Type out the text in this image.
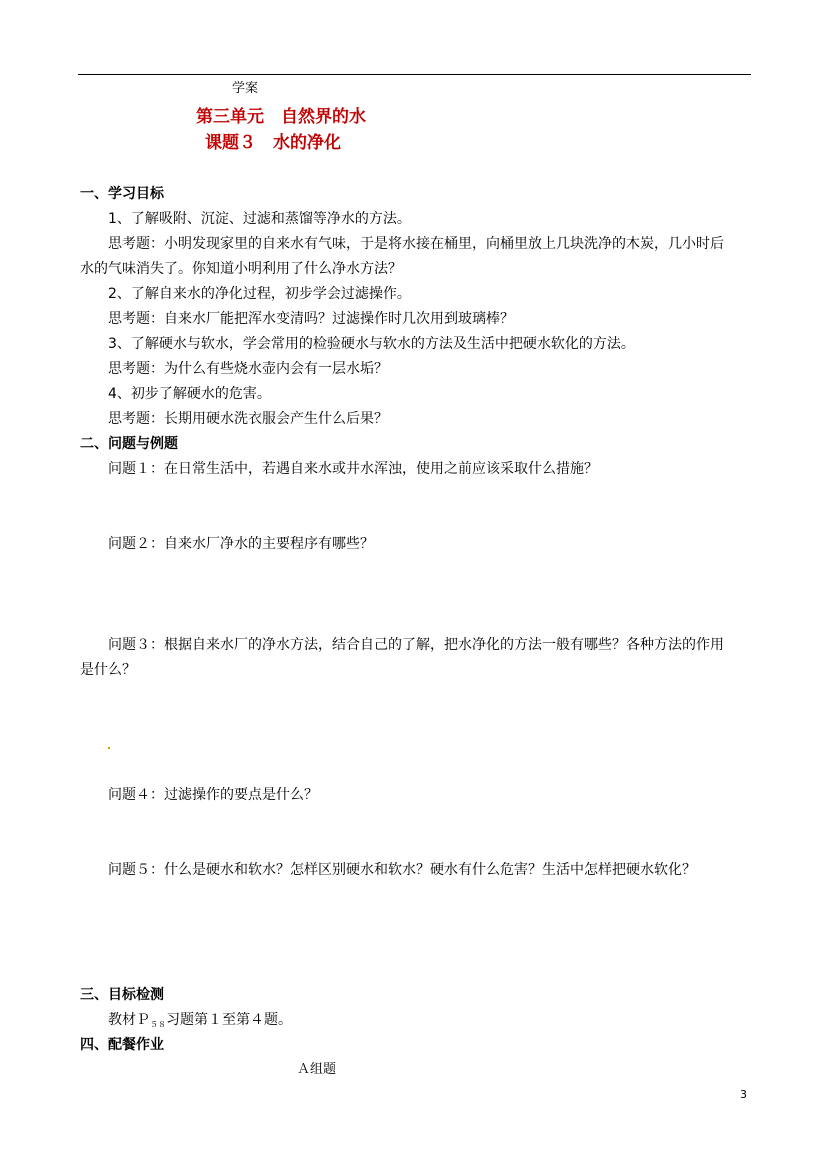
学案
第三单元　自然界的水
课题３　水的净化
一、学习目标
1、了解吸附、沉淀、过滤和蒸馏等净水的方法。
思考题：小明发现家里的自来水有气味，于是将水接在桶里，向桶里放上几块洗净的木炭，几小时后
水的气味消失了。你知道小明利用了什么净水方法？
2、了解自来水的净化过程，初步学会过滤操作。
思考题：自来水厂能把浑水变清吗？过滤操作时几次用到玻璃棒？
3、了解硬水与软水，学会常用的检验硬水与软水的方法及生活中把硬水软化的方法。
思考题：为什么有些烧水壶内会有一层水垢？
4、初步了解硬水的危害。
思考题：长期用硬水洗衣服会产生什么后果？
二、问题与例题
问题１：在日常生活中，若遇自来水或井水浑浊，使用之前应该采取什么措施？
问题２：自来水厂净水的主要程序有哪些？
问题３：根据自来水厂的净水方法，结合自己的了解，把水净化的方法一般有哪些？各种方法的作用
是什么？
问题４：过滤操作的要点是什么？
问题５：什么是硬水和软水？怎样区别硬水和软水？硬水有什么危害？生活中怎样把硬水软化？
三、目标检测
教材Ｐ$_{58}$习题第１至第４题。
四、配餐作业
Ａ组题
3
